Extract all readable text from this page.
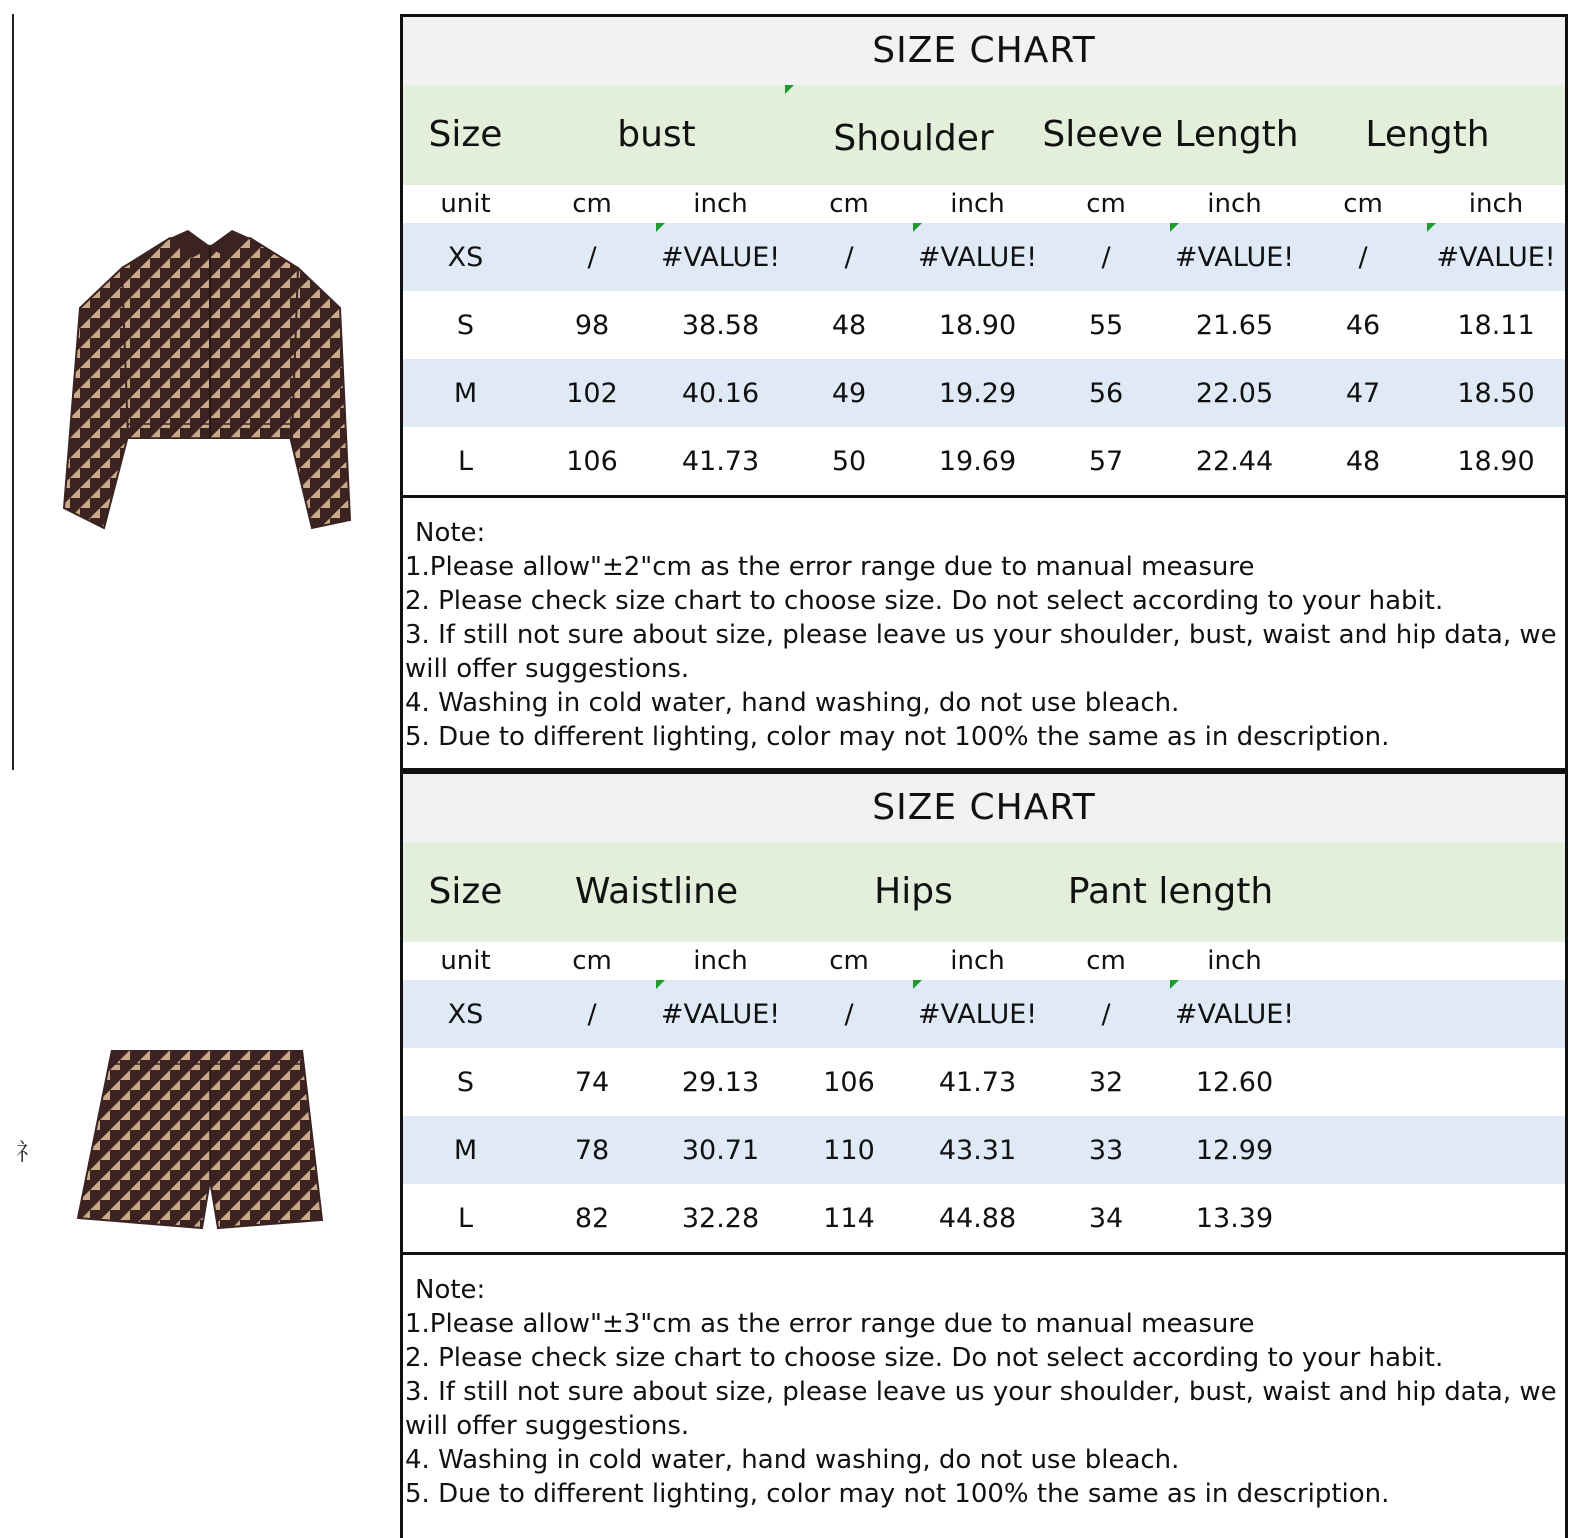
礻
SIZE CHART
Size	bust	Shoulder	Sleeve Length	Length
unit	cm	inch	cm	inch	cm	inch	cm	inch
XS	/	#VALUE!	/	#VALUE!	/	#VALUE!	/	#VALUE!
S	98	38.58	48	18.90	55	21.65	46	18.11
M	102	40.16	49	19.29	56	22.05	47	18.50
L	106	41.73	50	19.69	57	22.44	48	18.90
Note:
1.Please allow"±2"cm as the error range due to manual measure
2. Please check size chart to choose size. Do not select according to your habit.
3. If still not sure about size, please leave us your shoulder, bust, waist and hip data, we will offer suggestions.
4. Washing in cold water, hand washing, do not use bleach.
5. Due to different lighting, color may not 100% the same as in description.
SIZE CHART
Size	Waistline	Hips	Pant length
unit	cm	inch	cm	inch	cm	inch
XS	/	#VALUE!	/	#VALUE!	/	#VALUE!
S	74	29.13	106	41.73	32	12.60
M	78	30.71	110	43.31	33	12.99
L	82	32.28	114	44.88	34	13.39
Note:
1.Please allow"±3"cm as the error range due to manual measure
2. Please check size chart to choose size. Do not select according to your habit.
3. If still not sure about size, please leave us your shoulder, bust, waist and hip data, we will offer suggestions.
4. Washing in cold water, hand washing, do not use bleach.
5. Due to different lighting, color may not 100% the same as in description.
